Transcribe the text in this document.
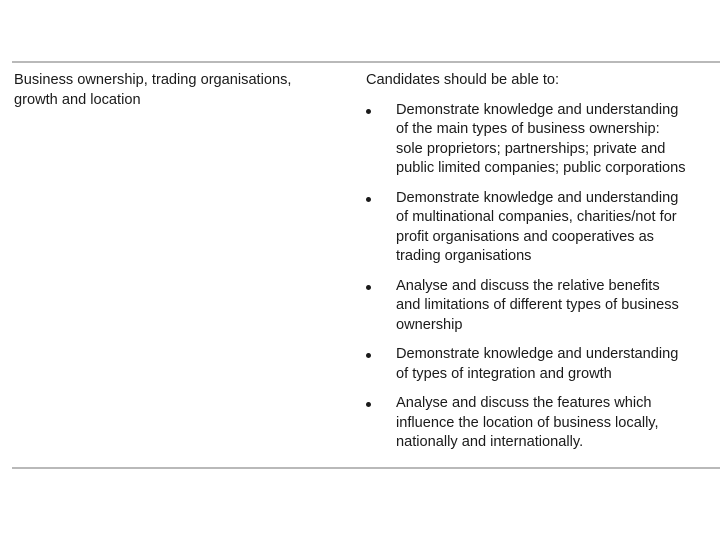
Business ownership, trading organisations,
growth and location
Candidates should be able to:
Demonstrate knowledge and understanding
of the main types of business ownership:
sole proprietors; partnerships; private and
public limited companies; public corporations
Demonstrate knowledge and understanding
of multinational companies, charities/not for
profit organisations and cooperatives as
trading organisations
Analyse and discuss the relative benefits
and limitations of different types of business
ownership
Demonstrate knowledge and understanding
of types of integration and growth
Analyse and discuss the features which
influence the location of business locally,
nationally and internationally.
